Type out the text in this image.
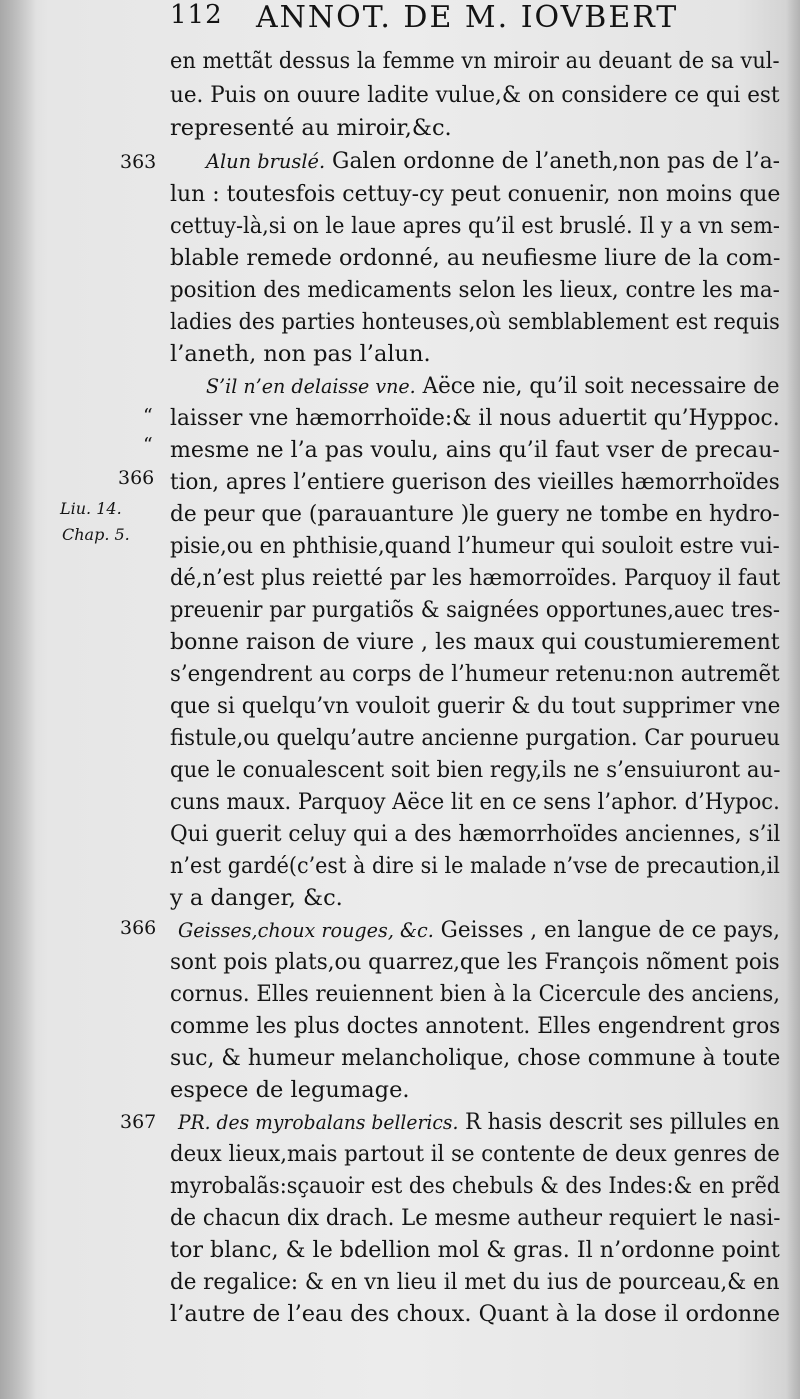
112 ANNOT. DE M. IOVBERT
363
“
“
366
Liu. 14.
Chap. 5.
366
367
en mettãt dessus la femme vn miroir au deuant de sa vul-
ue. Puis on ouure ladite vulue,& on considere ce qui est
representé au miroir,&c.
Alun bruslé. Galen ordonne de l’aneth,non pas de l’a-
lun : toutesfois cettuy-cy peut conuenir, non moins que
cettuy-là,si on le laue apres qu’il est bruslé. Il y a vn sem-
blable remede ordonné, au neufiesme liure de la com-
position des medicaments selon les lieux, contre les ma-
ladies des parties honteuses,où semblablement est requis
l’aneth, non pas l’alun.
S’il n’en delaisse vne. Aëce nie, qu’il soit necessaire de
laisser vne hæmorrhoïde:& il nous aduertit qu’Hyppoc.
mesme ne l’a pas voulu, ains qu’il faut vser de precau-
tion, apres l’entiere guerison des vieilles hæmorrhoïdes
de peur que (parauanture )le guery ne tombe en hydro-
pisie,ou en phthisie,quand l’humeur qui souloit estre vui-
dé,n’est plus reietté par les hæmorroïdes. Parquoy il faut
preuenir par purgatiõs & saignées opportunes,auec tres-
bonne raison de viure , les maux qui coustumierement
s’engendrent au corps de l’humeur retenu:non autremẽt
que si quelqu’vn vouloit guerir & du tout supprimer vne
fistule,ou quelqu’autre ancienne purgation. Car pourueu
que le conualescent soit bien regy,ils ne s’ensuiuront au-
cuns maux. Parquoy Aëce lit en ce sens l’aphor. d’Hypoc.
Qui guerit celuy qui a des hæmorrhoïdes anciennes, s’il
n’est gardé(c’est à dire si le malade n’vse de precaution,il
y a danger, &c.
Geisses,choux rouges, &c. Geisses , en langue de ce pays,
sont pois plats,ou quarrez,que les François nõment pois
cornus. Elles reuiennent bien à la Cicercule des anciens,
comme les plus doctes annotent. Elles engendrent gros
suc, & humeur melancholique, chose commune à toute
espece de legumage.
PR. des myrobalans bellerics. R hasis descrit ses pillules en
deux lieux,mais partout il se contente de deux genres de
myrobalãs:sçauoir est des chebuls & des Indes:& en prẽd
de chacun dix drach. Le mesme autheur requiert le nasi-
tor blanc, & le bdellion mol & gras. Il n’ordonne point
de regalice: & en vn lieu il met du ius de pourceau,& en
l’autre de l’eau des choux. Quant à la dose il ordonne
